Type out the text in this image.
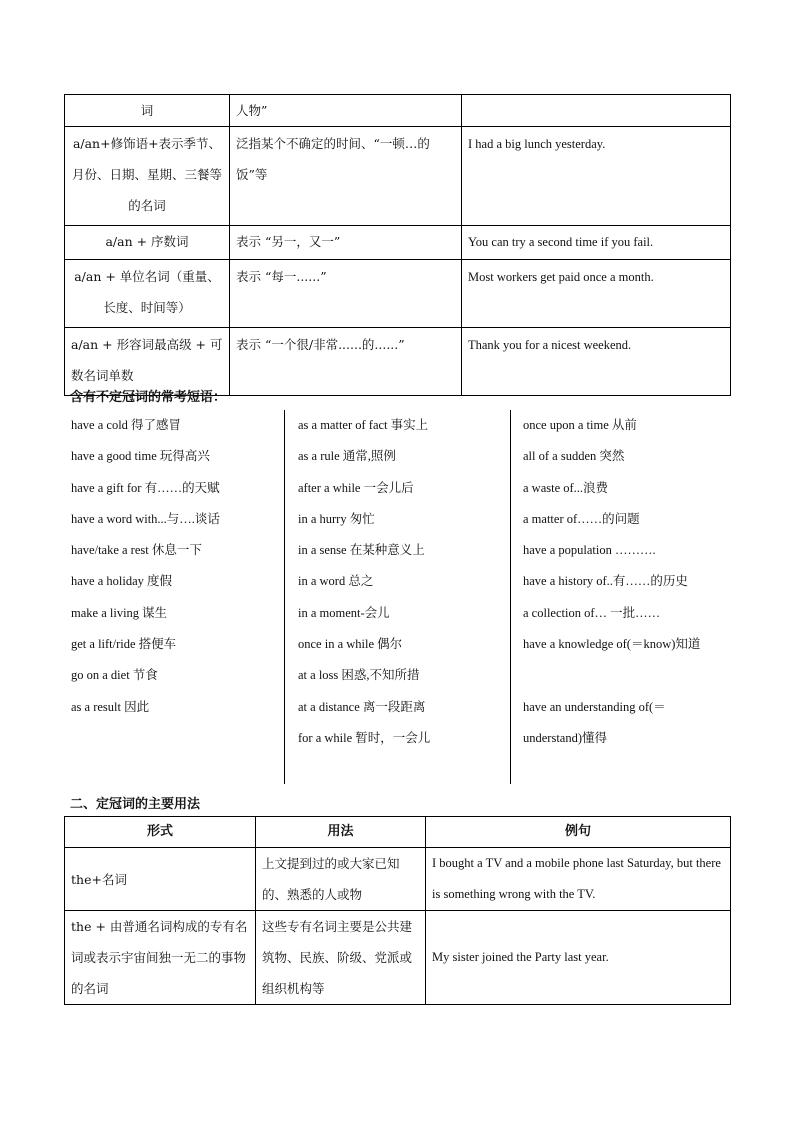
词	人物”	
a/an+修饰语+表示季节、月份、日期、星期、三餐等的名词	泛指某个不确定的时间、“一顿…的饭”等	I had a big lunch yesterday.
a/an + 序数词	表示 “另一，又一”	You can try a second time if you fail.
a/an + 单位名词（重量、长度、时间等）	表示 “每一......”	Most workers get paid once a month.
a/an + 形容词最高级 + 可数名词单数	表示 “一个很/非常......的......”	Thank you for a nicest weekend.
含有不定冠词的常考短语：
have a cold 得了感冒
have a good time 玩得高兴
have a gift for 有……的天赋
have a word with...与….谈话
have/take a rest 休息一下
have a holiday 度假
make a living 谋生
get a lift/ride 搭便车
go on a diet 节食
as a result 因此
as a matter of fact 事实上
as a rule 通常,照例
after a while 一会儿后
in a hurry 匆忙
in a sense 在某种意义上
in a word 总之
in a moment-会儿
once in a while 偶尔
at a loss 困惑,不知所措
at a distance 离一段距离
for a while 暂时，一会儿
once upon a time 从前
all of a sudden 突然
a waste of...浪费
a matter of……的问题
have a population ……….
have a history of..有……的历史
a collection of… 一批……
have a knowledge of(＝know)知道
have an understanding of(＝understand)懂得
二、定冠词的主要用法
形式	用法	例句
the+名词	上文提到过的或大家已知的、熟悉的人或物	I bought a TV and a mobile phone last Saturday, but there is something wrong with the TV.
the + 由普通名词构成的专有名词或表示宇宙间独一无二的事物的名词	这些专有名词主要是公共建筑物、民族、阶级、党派或组织机构等	My sister joined the Party last year.
